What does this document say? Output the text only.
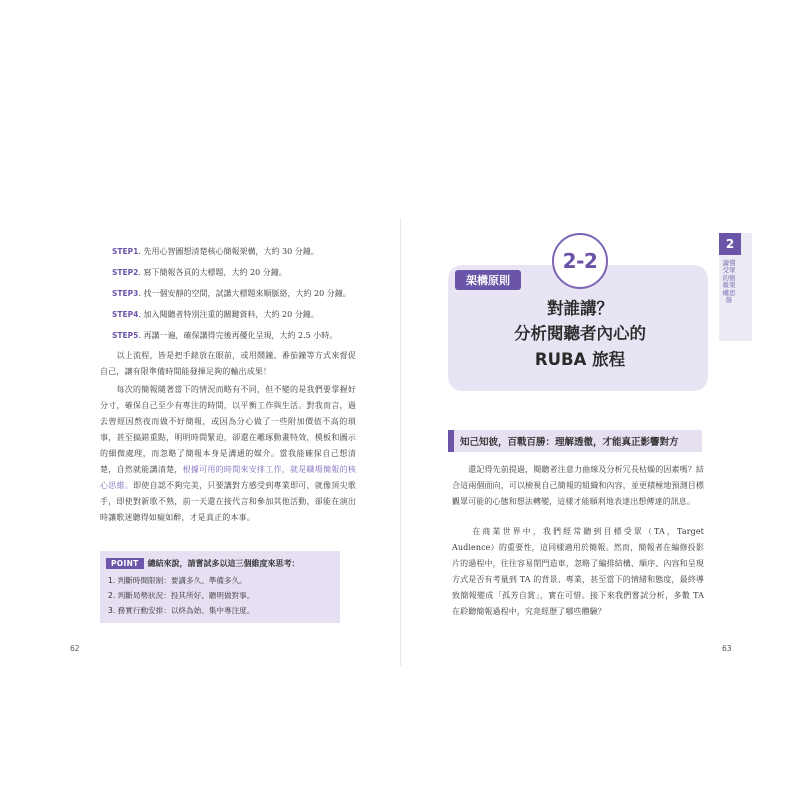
STEP1. 先用心智圖想清楚核心簡報架構，大約 30 分鐘。
STEP2. 寫下簡報各頁的大標題，大約 20 分鐘。
STEP3. 找一個安靜的空間，試講大標題來順脈絡，大約 20 分鐘。
STEP4. 加入閱聽者特別注重的關鍵資料，大約 20 分鐘。
STEP5. 再講一遍，確保講得完後再優化呈現，大約 2.5 小時。
　　以上流程，皆是把手錶放在眼前，或用鬧鐘、番茄鐘等方式來督促自己，讓有限準備時間能發揮足夠的輸出成果！
　　每次的簡報隨著當下的情況而略有不同，但不變的是我們要掌握好分寸，確保自己至少有專注的時間，以平衡工作與生活。對我而言，過去曾經因熬夜而做不好簡報，或因為分心做了一些附加價值不高的瑣事，甚至搞錯重點，明明時間緊迫，卻還在雕琢動畫特效，模板和圖示的細微處理，而忽略了簡報本身是溝通的媒介。當我能確保自己想清楚，自然就能講清楚，根據可用的時間來安排工作，就是職場簡報的核心思維。即使自認不夠完美，只要講對方感受到專業即可，就像頂尖歌手，即使對新歌不熟，前一天還在接代言和參加其他活動，卻能在演出時讓歌迷聽得如癡如醉，才是真正的本事。
POINT	總結來說，請嘗試多以這三個維度來思考：
1. 判斷時間限制：要講多久、準備多久。
2. 判斷局勢狀況：投其所好、聽明做對事。
3. 務實行動安排：以終為始、集中專注度。
62
2-2
架構原則
對誰講？
分析閱聽者內心的
RUBA 旅程
2
讀懂受眾的簡報架構思維
知己知彼，百戰百勝：理解透徹，才能真正影響對方
　　還記得先前提過，閱聽者注意力曲線及分析冗長枯燥的因素嗎？結合這兩個面向，可以檢視自己簡報的組織和內容，並更積極地預測目標觀眾可能的心態和想法轉變，這樣才能順利地表達出想傳達的訊息。
　　在商業世界中，我們經常聽到目標受眾（TA，Target Audience）的重要性，這同樣適用於簡報。然而，簡報者在編修投影片的過程中，往往容易閉門造車，忽略了編排結構、順序、內容和呈現方式是否有考量到 TA 的背景、專業，甚至當下的情緒和態度，最終導致簡報變成「孤芳自賞」，實在可惜。接下來我們嘗試分析，多數 TA 在聆聽簡報過程中，究竟經歷了哪些體驗？
63
